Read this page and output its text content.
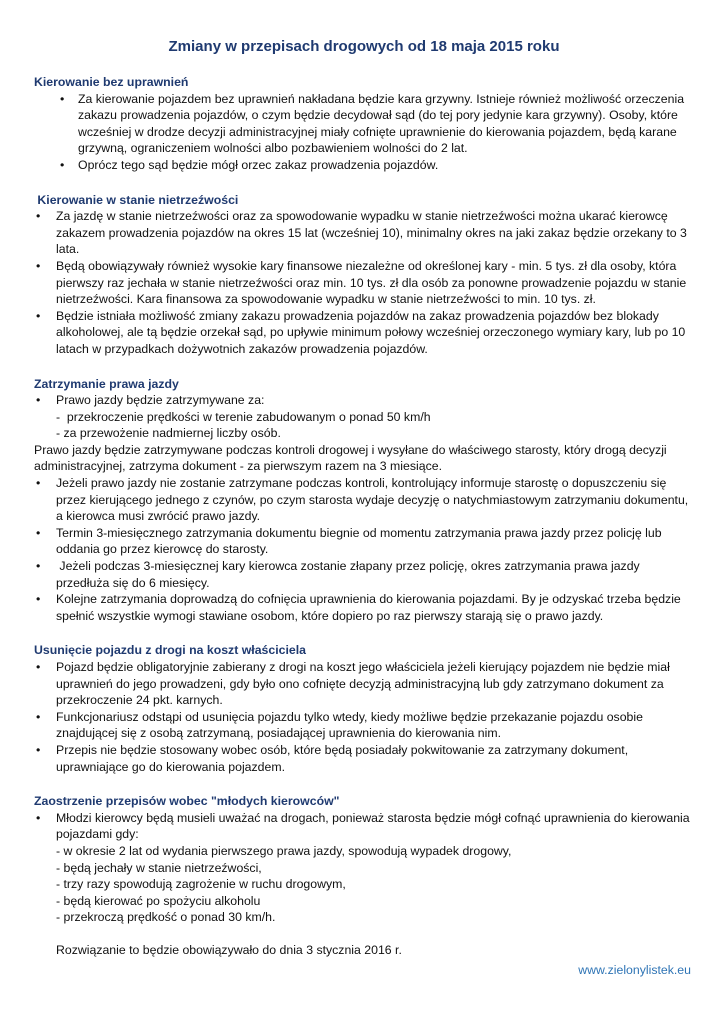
Zmiany w przepisach drogowych od 18 maja 2015 roku

Kierowanie bez uprawnień

• Za kierowanie pojazdem bez uprawnień nakładana będzie kara grzywny. Istnieje również możliwość orzeczenia zakazu prowadzenia pojazdów, o czym będzie decydował sąd (do tej pory jedynie kara grzywny). Osoby, które wcześniej w drodze decyzji administracyjnej miały cofnięte uprawnienie do kierowania pojazdem, będą karane grzywną, ograniczeniem wolności albo pozbawieniem wolności do 2 lat.
• Oprócz tego sąd będzie mógł orzec zakaz prowadzenia pojazdów.

Kierowanie w stanie nietrzeźwości

• Za jazdę w stanie nietrzeźwości oraz za spowodowanie wypadku w stanie nietrzeźwości można ukarać kierowcę zakazem prowadzenia pojazdów na okres 15 lat (wcześniej 10), minimalny okres na jaki zakaz będzie orzekany to 3 lata.
• Będą obowiązywały również wysokie kary finansowe niezależne od określonej kary - min. 5 tys. zł dla osoby, która pierwszy raz jechała w stanie nietrzeźwości oraz min. 10 tys. zł dla osób za ponowne prowadzenie pojazdu w stanie nietrzeźwości. Kara finansowa za spowodowanie wypadku w stanie nietrzeźwości to min. 10 tys. zł.
• Będzie istniała możliwość zmiany zakazu prowadzenia pojazdów na zakaz prowadzenia pojazdów bez blokady alkoholowej, ale tą będzie orzekał sąd, po upływie minimum połowy wcześniej orzeczonego wymiary kary, lub po 10 latach w przypadkach dożywotnich zakazów prowadzenia pojazdów.

Zatrzymanie prawa jazdy

• Prawo jazdy będzie zatrzymywane za:
-  przekroczenie prędkości w terenie zabudowanym o ponad 50 km/h
- za przewożenie nadmiernej liczby osób.

Prawo jazdy będzie zatrzymywane podczas kontroli drogowej i wysyłane do właściwego starosty, który drogą decyzji administracyjnej, zatrzyma dokument - za pierwszym razem na 3 miesiące.

• Jeżeli prawo jazdy nie zostanie zatrzymane podczas kontroli, kontrolujący informuje starostę o dopuszczeniu się przez kierującego jednego z czynów, po czym starosta wydaje decyzję o natychmiastowym zatrzymaniu dokumentu, a kierowca musi zwrócić prawo jazdy.
• Termin 3-miesięcznego zatrzymania dokumentu biegnie od momentu zatrzymania prawa jazdy przez policję lub oddania go przez kierowcę do starosty.
•  Jeżeli podczas 3-miesięcznej kary kierowca zostanie złapany przez policję, okres zatrzymania prawa jazdy przedłuża się do 6 miesięcy.
• Kolejne zatrzymania doprowadzą do cofnięcia uprawnienia do kierowania pojazdami. By je odzyskać trzeba będzie spełnić wszystkie wymogi stawiane osobom, które dopiero po raz pierwszy starają się o prawo jazdy.

Usunięcie pojazdu z drogi na koszt właściciela

• Pojazd będzie obligatoryjnie zabierany z drogi na koszt jego właściciela jeżeli kierujący pojazdem nie będzie miał uprawnień do jego prowadzeni, gdy było ono cofnięte decyzją administracyjną lub gdy zatrzymano dokument za przekroczenie 24 pkt. karnych.
• Funkcjonariusz odstąpi od usunięcia pojazdu tylko wtedy, kiedy możliwe będzie przekazanie pojazdu osobie znajdującej się z osobą zatrzymaną, posiadającej uprawnienia do kierowania nim.
• Przepis nie będzie stosowany wobec osób, które będą posiadały pokwitowanie za zatrzymany dokument, uprawniające go do kierowania pojazdem.

Zaostrzenie przepisów wobec "młodych kierowców"

• Młodzi kierowcy będą musieli uważać na drogach, ponieważ starosta będzie mógł cofnąć uprawnienia do kierowania pojazdami gdy:
- w okresie 2 lat od wydania pierwszego prawa jazdy, spowodują wypadek drogowy,
- będą jechały w stanie nietrzeźwości,
- trzy razy spowodują zagrożenie w ruchu drogowym,
- będą kierować po spożyciu alkoholu
- przekroczą prędkość o ponad 30 km/h.
Rozwiązanie to będzie obowiązywało do dnia 3 stycznia 2016 r.
www.zielonylistek.eu
